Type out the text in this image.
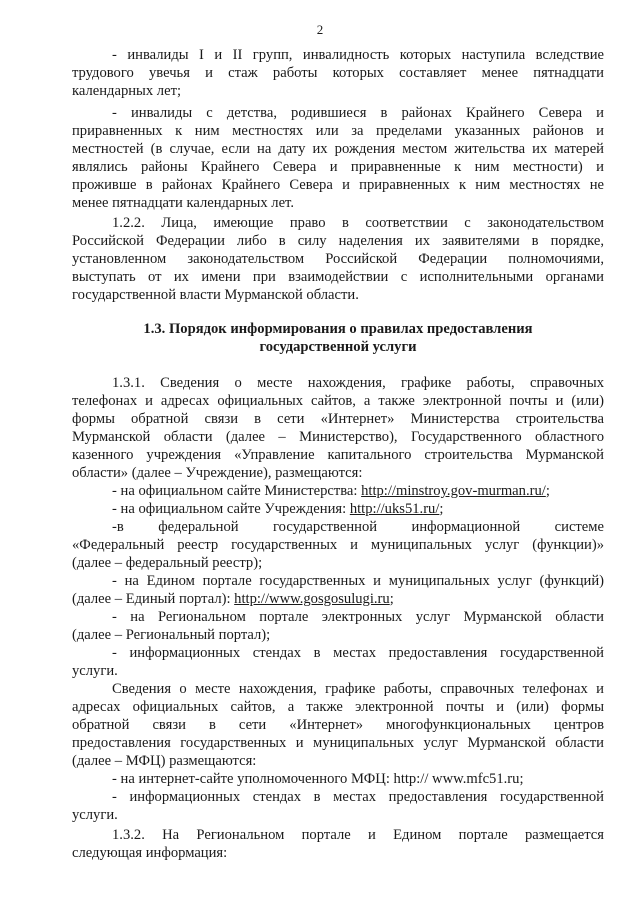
2
- инвалиды I и II групп, инвалидность которых наступила вследствие
трудового увечья и стаж работы которых составляет менее пятнадцати
календарных лет;
- инвалиды с детства, родившиеся в районах Крайнего Севера и
приравненных к ним местностях или за пределами указанных районов и
местностей (в случае, если на дату их рождения местом жительства их матерей
являлись районы Крайнего Севера и приравненные к ним местности) и
проживше в районах Крайнего Севера и приравненных к ним местностях не
менее пятнадцати календарных лет.
1.2.2. Лица, имеющие право в соответствии с законодательством
Российской Федерации либо в силу наделения их заявителями в порядке,
установленном законодательством Российской Федерации полномочиями,
выступать от их имени при взаимодействии с исполнительными органами
государственной власти Мурманской области.
1.3. Порядок информирования о правилах предоставления
государственной услуги
1.3.1. Сведения о месте нахождения, графике работы, справочных
телефонах и адресах официальных сайтов, а также электронной почты и (или)
формы обратной связи в сети «Интернет» Министерства строительства
Мурманской области (далее – Министерство), Государственного областного
казенного учреждения «Управление капитального строительства Мурманской
области» (далее – Учреждение), размещаются:
- на официальном сайте Министерства: http://minstroy.gov-murman.ru/;
- на официальном сайте Учреждения: http://uks51.ru/;
-в федеральной государственной информационной системе
«Федеральный реестр государственных и муниципальных услуг (функции)»
(далее – федеральный реестр);
- на Едином портале государственных и муниципальных услуг (функций)
(далее – Единый портал): http://www.gosgosulugi.ru;
- на Региональном портале электронных услуг Мурманской области
(далее – Региональный портал);
- информационных стендах в местах предоставления государственной
услуги.
Сведения о месте нахождения, графике работы, справочных телефонах и
адресах официальных сайтов, а также электронной почты и (или) формы
обратной связи в сети «Интернет» многофункциональных центров
предоставления государственных и муниципальных услуг Мурманской области
(далее – МФЦ) размещаются:
- на интернет-сайте уполномоченного МФЦ: http:// www.mfc51.ru;
- информационных стендах в местах предоставления государственной
услуги.
1.3.2. На Региональном портале и Едином портале размещается
следующая информация:
